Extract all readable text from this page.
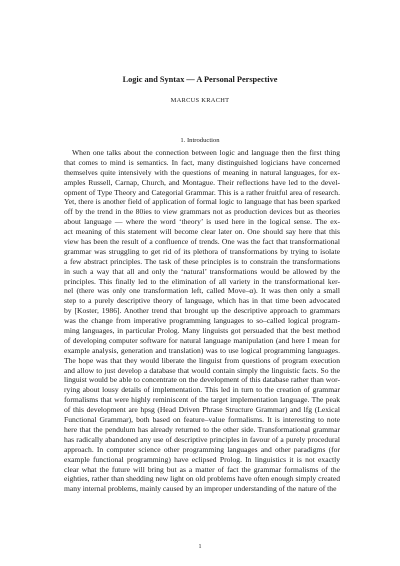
Logic and Syntax — A Personal Perspective
MARCUS KRACHT
1. Introduction
When one talks about the connection between logic and language then the first thing
that comes to mind is semantics. In fact, many distinguished logicians have concerned
themselves quite intensively with the questions of meaning in natural languages, for ex-
amples Russell, Carnap, Church, and Montague. Their reflections have led to the devel-
opment of Type Theory and Categorial Grammar. This is a rather fruitful area of research.
Yet, there is another field of application of formal logic to language that has been sparked
off by the trend in the 80ies to view grammars not as production devices but as theories
about language — where the word ‘theory’ is used here in the logical sense. The ex-
act meaning of this statement will become clear later on. One should say here that this
view has been the result of a confluence of trends. One was the fact that transformational
grammar was struggling to get rid of its plethora of transformations by trying to isolate
a few abstract principles. The task of these principles is to constrain the transformations
in such a way that all and only the ‘natural’ transformations would be allowed by the
principles. This finally led to the elimination of all variety in the transformational ker-
nel (there was only one transformation left, called Move–α). It was then only a small
step to a purely descriptive theory of language, which has in that time been advocated
by [Koster, 1986]. Another trend that brought up the descriptive approach to grammars
was the change from imperative programming languages to so–called logical program-
ming languages, in particular Prolog. Many linguists got persuaded that the best method
of developing computer software for natural language manipulation (and here I mean for
example analysis, generation and translation) was to use logical programming languages.
The hope was that they would liberate the linguist from questions of program execution
and allow to just develop a database that would contain simply the linguistic facts. So the
linguist would be able to concentrate on the development of this database rather than wor-
rying about lousy details of implementation. This led in turn to the creation of grammar
formalisms that were highly reminiscent of the target implementation language. The peak
of this development are hpsg (Head Driven Phrase Structure Grammar) and lfg (Lexical
Functional Grammar), both based on feature–value formalisms. It is interesting to note
here that the pendulum has already returned to the other side. Transformational grammar
has radically abandoned any use of descriptive principles in favour of a purely procedural
approach. In computer science other programming languages and other paradigms (for
example functional programming) have eclipsed Prolog. In linguistics it is not exactly
clear what the future will bring but as a matter of fact the grammar formalisms of the
eighties, rather than shedding new light on old problems have often enough simply created
many internal problems, mainly caused by an improper understanding of the nature of the
1
